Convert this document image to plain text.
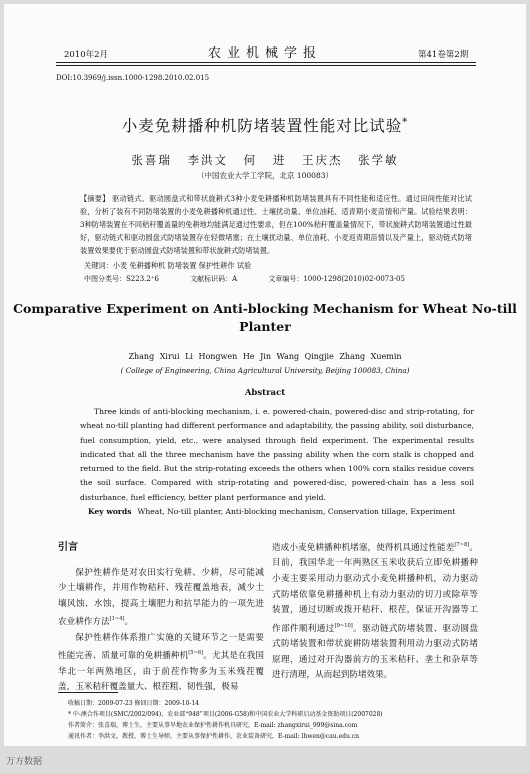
2010年2月	农业机械学报	第41卷第2期
DOI:10.3969/j.issn.1000-1298.2010.02.015
小麦免耕播种机防堵装置性能对比试验*
张喜瑞 李洪文 何 进 王庆杰 张学敏
（中国农业大学工学院，北京 100083）
【摘要】 驱动链式、驱动圆盘式和带状旋耕式3种小麦免耕播种机防堵装置具有不同性能和适应性。通过田间性能对比试验，分析了装有不同防堵装置的小麦免耕播种机通过性、土壤扰动量、单位油耗、适青期小麦苗情和产量。试验结果表明：3种防堵装置在不同秸秆覆盖量的免耕地均能满足通过性要求，但在100%秸秆覆盖量情况下，带状旋耕式防堵装置通过性最好，驱动链式和驱动圆盘式防堵装置存在轻微堵塞；在土壤扰动量、单位油耗、小麦返青期苗情以及产量上，驱动链式防堵装置效果要优于驱动圆盘式防堵装置和带状旋耕式防堵装置。
关键词：小麦 免耕播种机 防堵装置 保护性耕作 试验
中图分类号：S223.2⁺6	文献标识码：A	文章编号：1000-1298(2010)02-0073-05
Comparative Experiment on Anti-blocking Mechanism for Wheat No-till Planter
Zhang Xirui Li Hongwen He Jin Wang Qingjie Zhang Xuemin
( College of Engineering, China Agricultural University, Beijing 100083, China)
Abstract
Three kinds of anti-blocking mechanism, i. e. powered-chain, powered-disc and strip-rotating, for wheat no-till planting had different performance and adaptability, the passing ability, soil disturbance, fuel consumption, yield, etc., were analysed through field experiment. The experimental results indicated that all the three mechanism have the passing ability when the corn stalk is chopped and returned to the field. But the strip-rotating exceeds the others when 100% corn stalks residue covers the soil surface. Compared with strip-rotating and powered-disc, powered-chain has a less soil disturbance, fuel efficiency, better plant performance and yield.
Key words Wheat, No-till planter, Anti-blocking mechanism, Conservation tillage, Experiment

引言

保护性耕作是对农田实行免耕、少耕，尽可能减少土壤耕作，并用作物秸秆、残茬覆盖地表，减少土壤风蚀、水蚀，提高土壤肥力和抗旱能力的一项先进农业耕作方法[1~4]。

保护性耕作体系推广实施的关键环节之一是需要性能完善、质量可靠的免耕播种机[5~6]。尤其是在我国华北一年两熟地区，由于前茬作物多为玉米残茬覆盖，玉米秸秆覆盖量大、根茬粗、韧性强，极易

造成小麦免耕播种机堵塞，使得机具通过性能差[7~8]。目前，我国华北一年两熟区玉米收获后立即免耕播种小麦主要采用动力驱动式小麦免耕播种机，动力驱动式防堵依靠免耕播种机上有动力驱动的切刀或除草等装置，通过切断或拨开秸秆、根茬，保证开沟器等工作部件顺利通过[9~10]。驱动链式防堵装置、驱动圆盘式防堵装置和带状旋耕防堵装置利用动力驱动式防堵原理，通过对开沟器前方的玉米秸秆、垄土和杂草等进行清理，从而起到防堵效果。

收稿日期：2009-07-23 修回日期：2009-10-14
* 中-澳合作项目(SMC/2002/094)、农业部“948”项目(2006-G58)和中国农业大学科研启动基金资助项目(2007028)
作者简介：张喜瑞，博士生，主要从事旱地农业保护性耕作机具研究，E-mail: zhangxirui_999@sina.com
通讯作者：李洪文，教授，博士生导师，主要从事保护性耕作、农业装备研究，E-mail: lhwen@cau.edu.cn
万方数据
